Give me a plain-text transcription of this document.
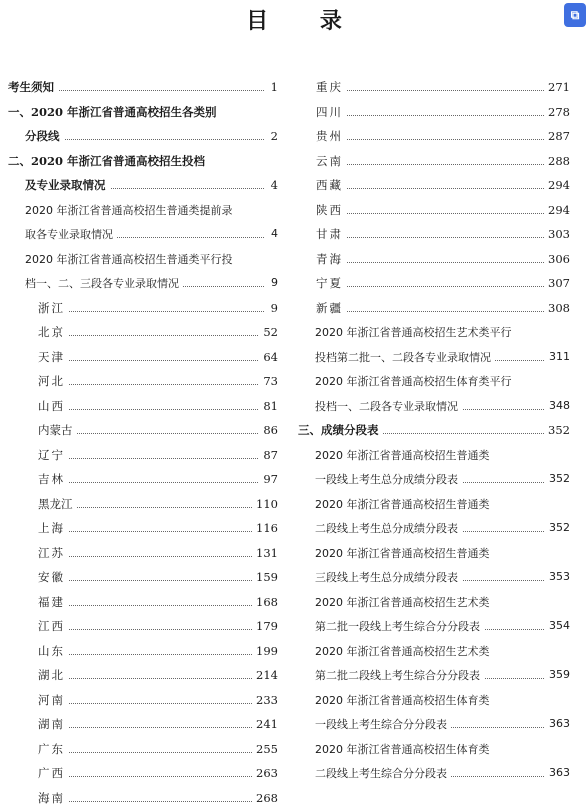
目 录	⧉
考生须知	1
一、2020 年浙江省普通高校招生各类别
分段线	2
二、2020 年浙江省普通高校招生投档
及专业录取情况	4
2020 年浙江省普通高校招生普通类提前录
取各专业录取情况	4
2020 年浙江省普通高校招生普通类平行投
档一、二、三段各专业录取情况	9
浙江	9
北京	52
天津	64
河北	73
山西	81
内蒙古	86
辽宁	87
吉林	97
黑龙江	110
上海	116
江苏	131
安徽	159
福建	168
江西	179
山东	199
湖北	214
河南	233
湖南	241
广东	255
广西	263
海南	268
重庆	271
四川	278
贵州	287
云南	288
西藏	294
陕西	294
甘肃	303
青海	306
宁夏	307
新疆	308
2020 年浙江省普通高校招生艺术类平行
投档第二批一、二段各专业录取情况	311
2020 年浙江省普通高校招生体育类平行
投档一、二段各专业录取情况	348
三、成绩分段表	352
2020 年浙江省普通高校招生普通类
一段线上考生总分成绩分段表	352
2020 年浙江省普通高校招生普通类
二段线上考生总分成绩分段表	352
2020 年浙江省普通高校招生普通类
三段线上考生总分成绩分段表	353
2020 年浙江省普通高校招生艺术类
第二批一段线上考生综合分分段表	354
2020 年浙江省普通高校招生艺术类
第二批二段线上考生综合分分段表	359
2020 年浙江省普通高校招生体育类
一段线上考生综合分分段表	363
2020 年浙江省普通高校招生体育类
二段线上考生综合分分段表	363
